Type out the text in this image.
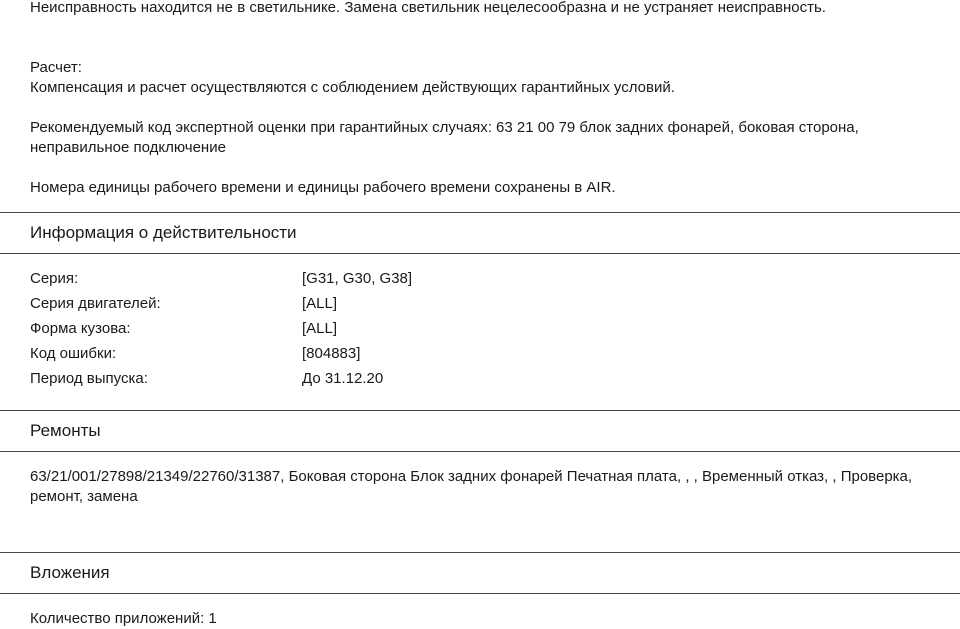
Неисправность находится не в светильнике. Замена светильник нецелесообразна и не устраняет неисправность.

Расчет:

Компенсация и расчет осуществляются с соблюдением действующих гарантийных условий.

Рекомендуемый код экспертной оценки при гарантийных случаях: 63 21 00 79 блок задних фонарей, боковая сторона, неправильное подключение

Номера единицы рабочего времени и единицы рабочего времени сохранены в AIR.

Информация о действительности
Серия:	[G31, G30, G38]
Серия двигателей:	[ALL]
Форма кузова:	[ALL]
Код ошибки:	[804883]
Период выпуска:	До 31.12.20
Ремонты

63/21/001/27898/21349/22760/31387, Боковая сторона Блок задних фонарей Печатная плата, , , Временный отказ, , Проверка, ремонт, замена

Вложения

Количество приложений: 1
